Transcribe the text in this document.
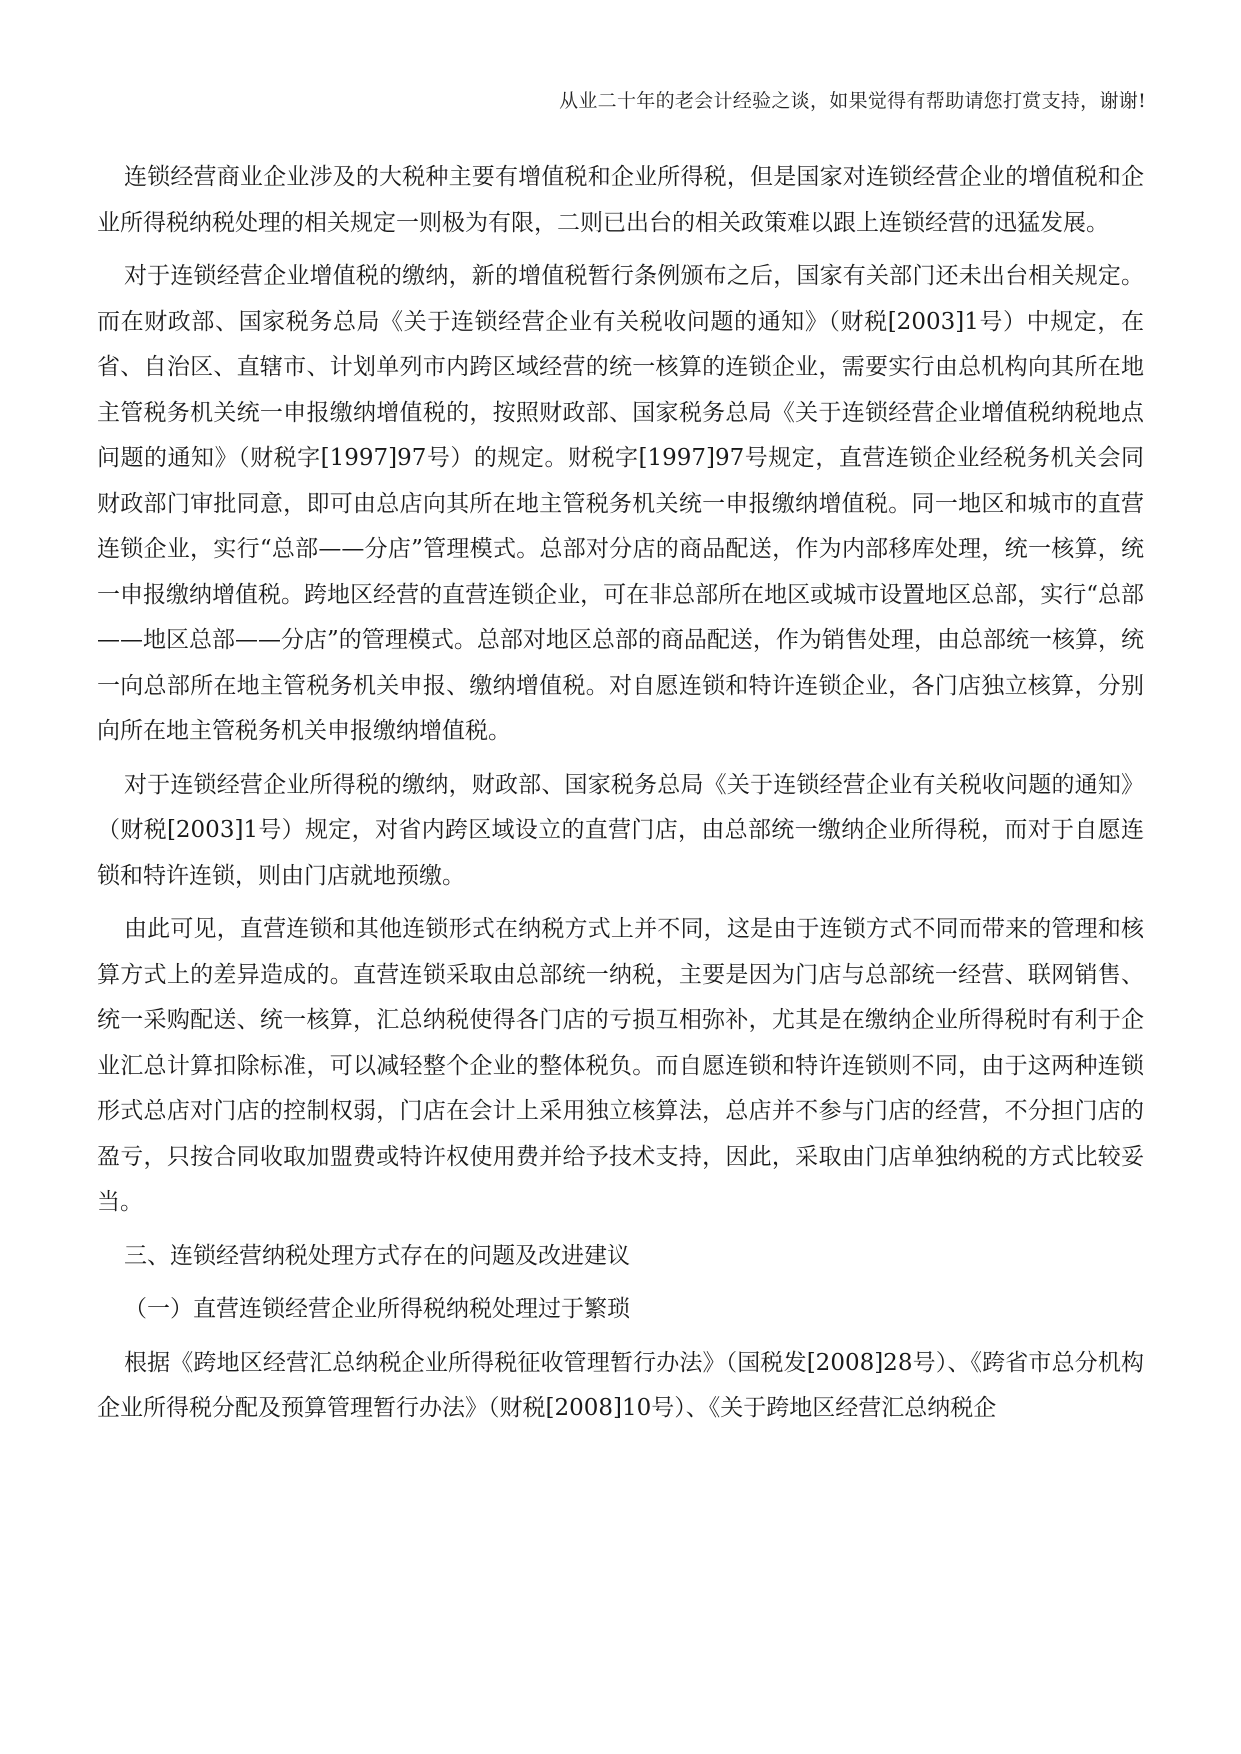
从业二十年的老会计经验之谈，如果觉得有帮助请您打赏支持，谢谢!

连锁经营商业企业涉及的大税种主要有增值税和企业所得税，但是国家对连锁经营企业的增值税和企业所得税纳税处理的相关规定一则极为有限，二则已出台的相关政策难以跟上连锁经营的迅猛发展。

对于连锁经营企业增值税的缴纳，新的增值税暂行条例颁布之后，国家有关部门还未出台相关规定。而在财政部、国家税务总局《关于连锁经营企业有关税收问题的通知》（财税[2003]1号）中规定，在省、自治区、直辖市、计划单列市内跨区域经营的统一核算的连锁企业，需要实行由总机构向其所在地主管税务机关统一申报缴纳增值税的，按照财政部、国家税务总局《关于连锁经营企业增值税纳税地点问题的通知》（财税字[1997]97号）的规定。财税字[1997]97号规定，直营连锁企业经税务机关会同财政部门审批同意，即可由总店向其所在地主管税务机关统一申报缴纳增值税。同一地区和城市的直营连锁企业，实行“总部——分店”管理模式。总部对分店的商品配送，作为内部移库处理，统一核算，统一申报缴纳增值税。跨地区经营的直营连锁企业，可在非总部所在地区或城市设置地区总部，实行“总部——地区总部——分店”的管理模式。总部对地区总部的商品配送，作为销售处理，由总部统一核算，统一向总部所在地主管税务机关申报、缴纳增值税。对自愿连锁和特许连锁企业，各门店独立核算，分别向所在地主管税务机关申报缴纳增值税。

对于连锁经营企业所得税的缴纳，财政部、国家税务总局《关于连锁经营企业有关税收问题的通知》（财税[2003]1号）规定，对省内跨区域设立的直营门店，由总部统一缴纳企业所得税，而对于自愿连锁和特许连锁，则由门店就地预缴。

由此可见，直营连锁和其他连锁形式在纳税方式上并不同，这是由于连锁方式不同而带来的管理和核算方式上的差异造成的。直营连锁采取由总部统一纳税，主要是因为门店与总部统一经营、联网销售、统一采购配送、统一核算，汇总纳税使得各门店的亏损互相弥补，尤其是在缴纳企业所得税时有利于企业汇总计算扣除标准，可以减轻整个企业的整体税负。而自愿连锁和特许连锁则不同，由于这两种连锁形式总店对门店的控制权弱，门店在会计上采用独立核算法，总店并不参与门店的经营，不分担门店的盈亏，只按合同收取加盟费或特许权使用费并给予技术支持，因此，采取由门店单独纳税的方式比较妥当。

三、连锁经营纳税处理方式存在的问题及改进建议

（一）直营连锁经营企业所得税纳税处理过于繁琐

根据《跨地区经营汇总纳税企业所得税征收管理暂行办法》（国税发[2008]28号）、《跨省市总分机构企业所得税分配及预算管理暂行办法》（财税[2008]10号）、《关于跨地区经营汇总纳税企
